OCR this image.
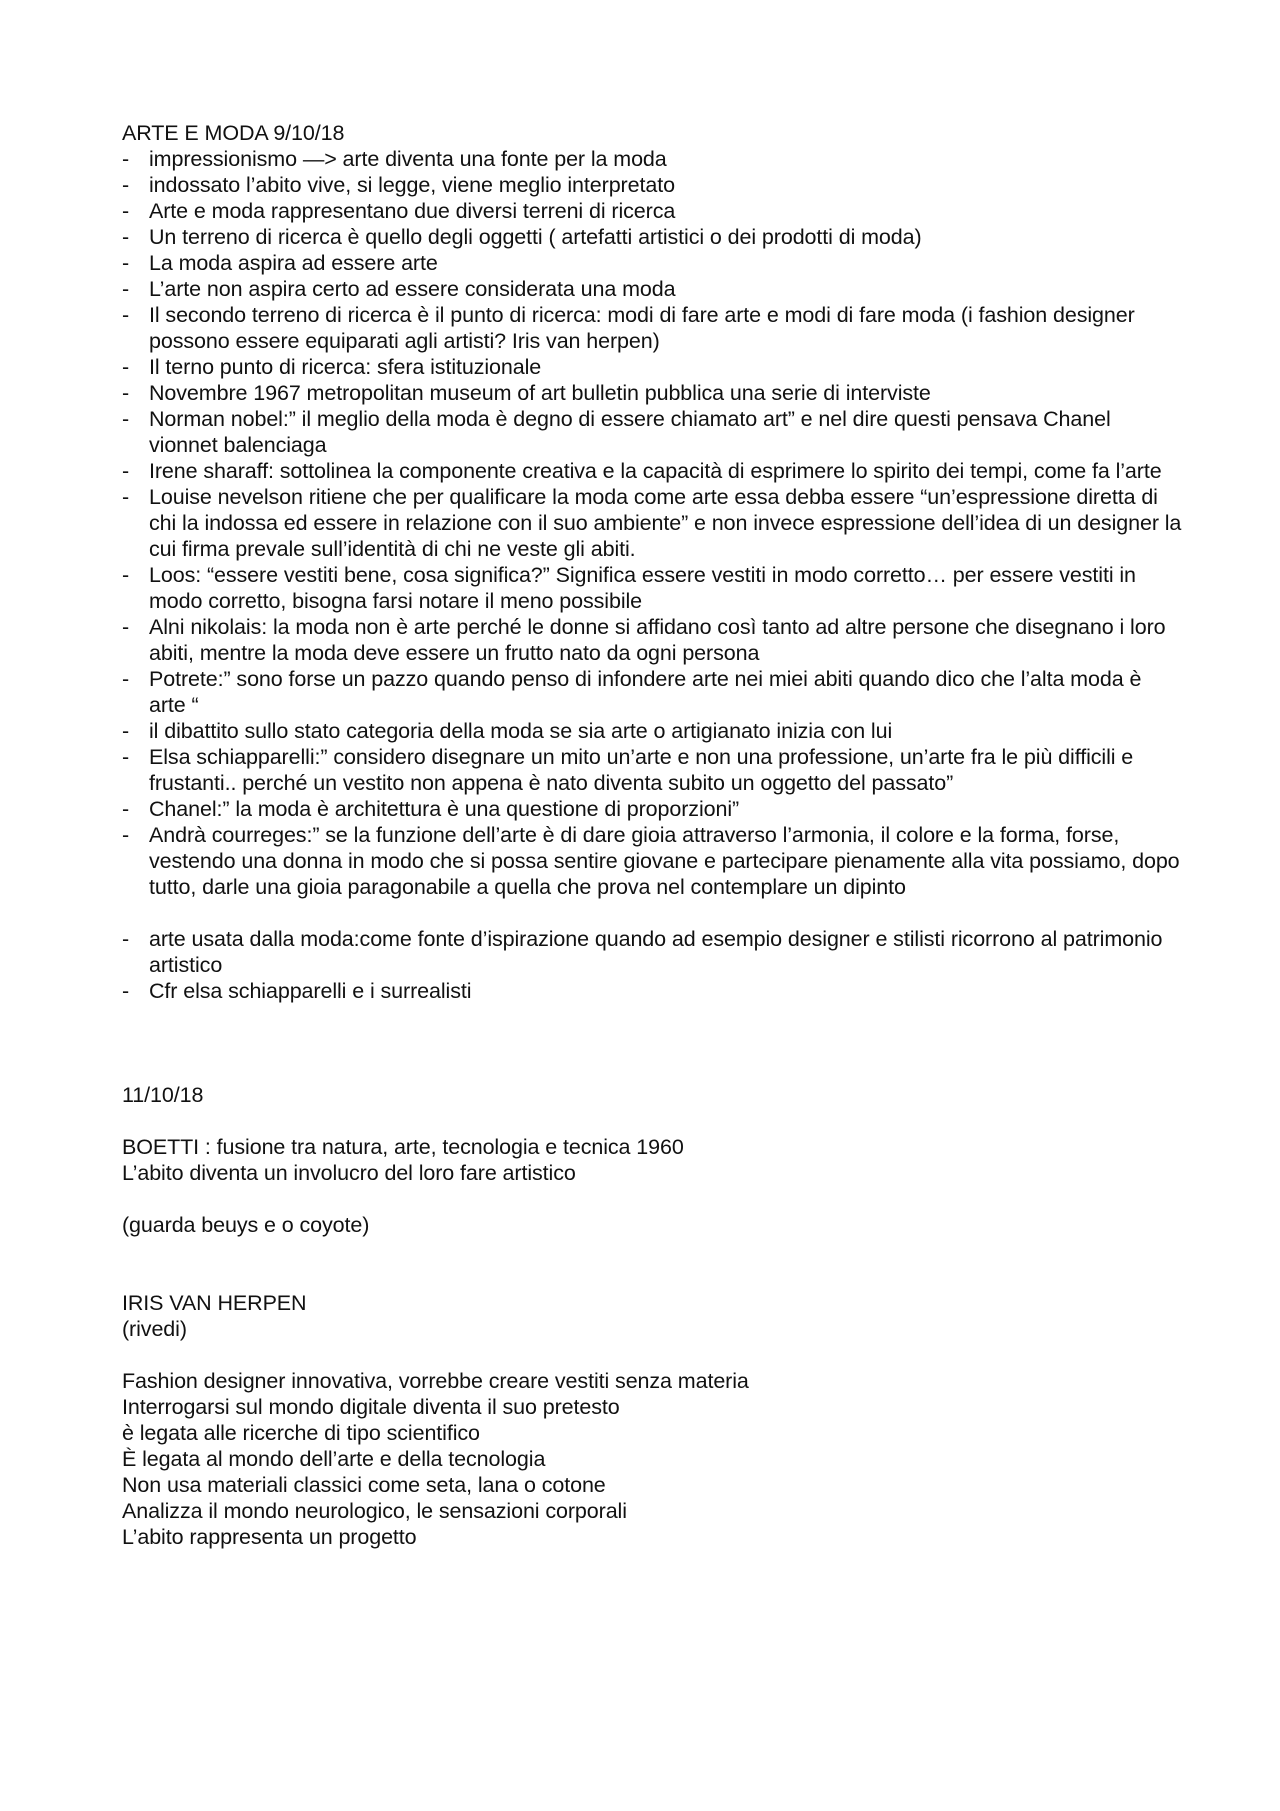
ARTE E MODA 9/10/18

- impressionismo —> arte diventa una fonte per la moda
- indossato l’abito vive, si legge, viene meglio interpretato
- Arte e moda rappresentano due diversi terreni di ricerca
- Un terreno di ricerca è quello degli oggetti ( artefatti artistici o dei prodotti di moda)
- La moda aspira ad essere arte
- L’arte non aspira certo ad essere considerata una moda
- Il secondo terreno di ricerca è il punto di ricerca: modi di fare arte e modi di fare moda (i fashion designer possono essere equiparati agli artisti? Iris van herpen)
- Il terno punto di ricerca: sfera istituzionale
- Novembre 1967 metropolitan museum of art bulletin pubblica una serie di interviste
- Norman nobel:” il meglio della moda è degno di essere chiamato art” e nel dire questi pensava Chanel vionnet balenciaga
- Irene sharaff: sottolinea la componente creativa e la capacità di esprimere lo spirito dei tempi, come fa l’arte
- Louise nevelson ritiene che per qualificare la moda come arte essa debba essere “un’espressione diretta di chi la indossa ed essere in relazione con il suo ambiente” e non invece espressione dell’idea di un designer la cui firma prevale sull’identità di chi ne veste gli abiti.
- Loos: “essere vestiti bene, cosa significa?” Significa essere vestiti in modo corretto… per essere vestiti in modo corretto, bisogna farsi notare il meno possibile
- Alni nikolais: la moda non è arte perché le donne si affidano così tanto ad altre persone che disegnano i loro abiti, mentre la moda deve essere un frutto nato da ogni persona
- Potrete:” sono forse un pazzo quando penso di infondere arte nei miei abiti quando dico che l’alta moda è arte “
- il dibattito sullo stato categoria della moda se sia arte o artigianato inizia con lui
- Elsa schiapparelli:” considero disegnare un mito un’arte e non una professione, un’arte fra le più difficili e frustanti.. perché un vestito non appena è nato diventa subito un oggetto del passato”
- Chanel:” la moda è architettura è una questione di proporzioni”
- Andrà courreges:” se la funzione dell’arte è di dare gioia attraverso l’armonia, il colore e la forma, forse, vestendo una donna in modo che si possa sentire giovane e partecipare pienamente alla vita possiamo, dopo tutto, darle una gioia paragonabile a quella che prova nel contemplare un dipinto
- arte usata dalla moda:come fonte d’ispirazione quando ad esempio designer e stilisti ricorrono al patrimonio artistico
- Cfr elsa schiapparelli e i surrealisti

11/10/18

BOETTI : fusione tra natura, arte, tecnologia e tecnica 1960

L’abito diventa un involucro del loro fare artistico

(guarda beuys e o coyote)

IRIS VAN HERPEN

(rivedi)

Fashion designer innovativa, vorrebbe creare vestiti senza materia

Interrogarsi sul mondo digitale diventa il suo pretesto

è legata alle ricerche di tipo scientifico

È legata al mondo dell’arte e della tecnologia

Non usa materiali classici come seta, lana o cotone

Analizza il mondo neurologico, le sensazioni corporali

L’abito rappresenta un progetto
